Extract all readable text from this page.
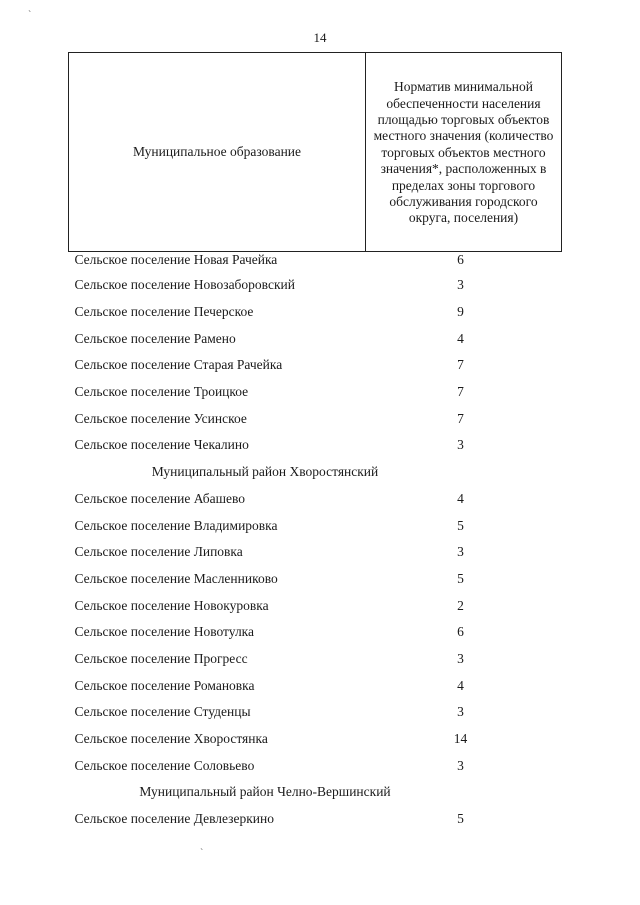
14
Муниципальное образование	Норматив минимальной обеспеченности населения площадью торговых объектов местного значения (количество торговых объектов местного значения*, расположенных в пределах зоны торгового обслуживания городского округа, поселения)
Сельское поселение Новая Рачейка	6
Сельское поселение Новозаборовский	3
Сельское поселение Печерское	9
Сельское поселение Рамено	4
Сельское поселение Старая Рачейка	7
Сельское поселение Троицкое	7
Сельское поселение Усинское	7
Сельское поселение Чекалино	3
Муниципальный район Хворостянский	
Сельское поселение Абашево	4
Сельское поселение Владимировка	5
Сельское поселение Липовка	3
Сельское поселение Масленниково	5
Сельское поселение Новокуровка	2
Сельское поселение Новотулка	6
Сельское поселение Прогресс	3
Сельское поселение Романовка	4
Сельское поселение Студенцы	3
Сельское поселение Хворостянка	14
Сельское поселение Соловьево	3
Муниципальный район Челно-Вершинский	
Сельское поселение Девлезеркино	5
`
`
